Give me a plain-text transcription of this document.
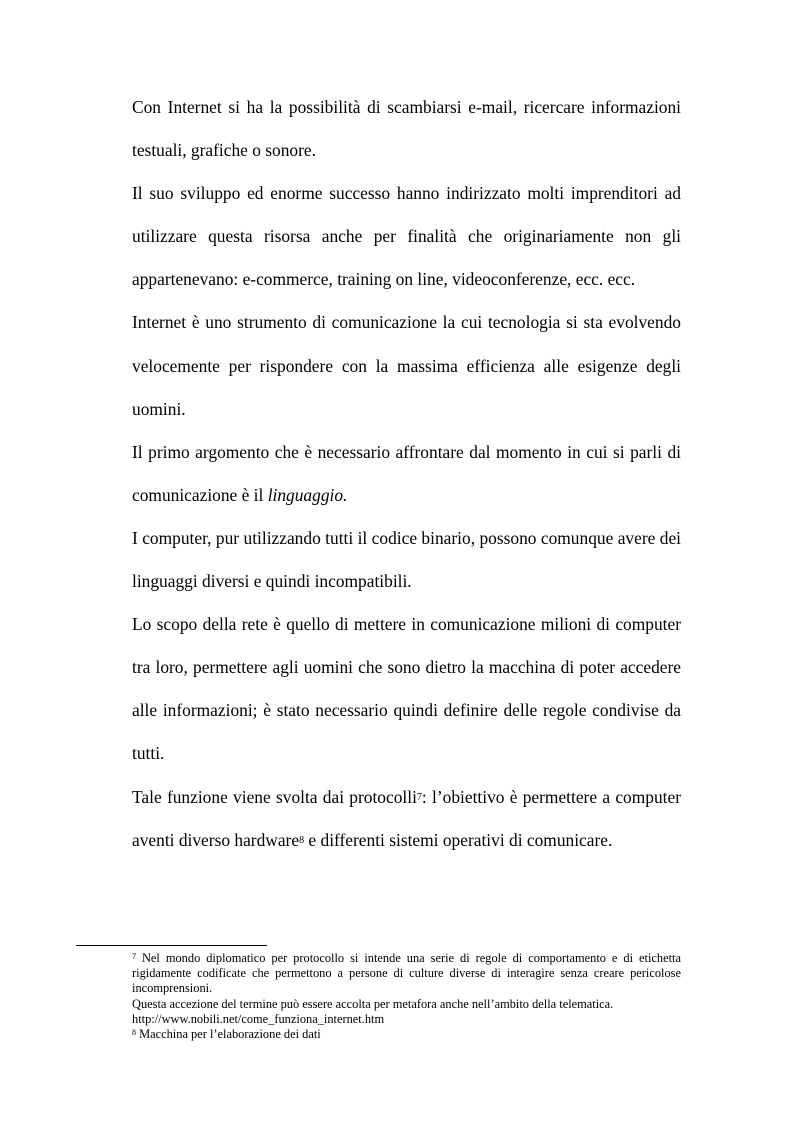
Con Internet si ha la possibilità di scambiarsi e-mail, ricercare informazioni testuali, grafiche o sonore.

Il suo sviluppo ed enorme successo hanno indirizzato molti imprenditori ad utilizzare questa risorsa anche per finalità che originariamente non gli appartenevano: e-commerce, training on line, videoconferenze, ecc. ecc.

Internet è uno strumento di comunicazione la cui tecnologia si sta evolvendo velocemente per rispondere con la massima efficienza alle esigenze degli uomini.

Il primo argomento che è necessario affrontare dal momento in cui si parli di comunicazione è il linguaggio.

I computer, pur utilizzando tutti il codice binario, possono comunque avere dei linguaggi diversi e quindi incompatibili.

Lo scopo della rete è quello di mettere in comunicazione milioni di computer tra loro, permettere agli uomini che sono dietro la macchina di poter accedere alle informazioni; è stato necessario quindi definire delle regole condivise da tutti.

Tale funzione viene svolta dai protocolli$^7$: l’obiettivo è permettere a computer aventi diverso hardware$^8$ e differenti sistemi operativi di comunicare.

$^7$ Nel mondo diplomatico per protocollo si intende una serie di regole di comportamento e di etichetta rigidamente codificate che permettono a persone di culture diverse di interagire senza creare pericolose incomprensioni.

Questa accezione del termine può essere accolta per metafora anche nell’ambito della telematica.

http://www.nobili.net/come_funziona_internet.htm

$^8$ Macchina per l’elaborazione dei dati
